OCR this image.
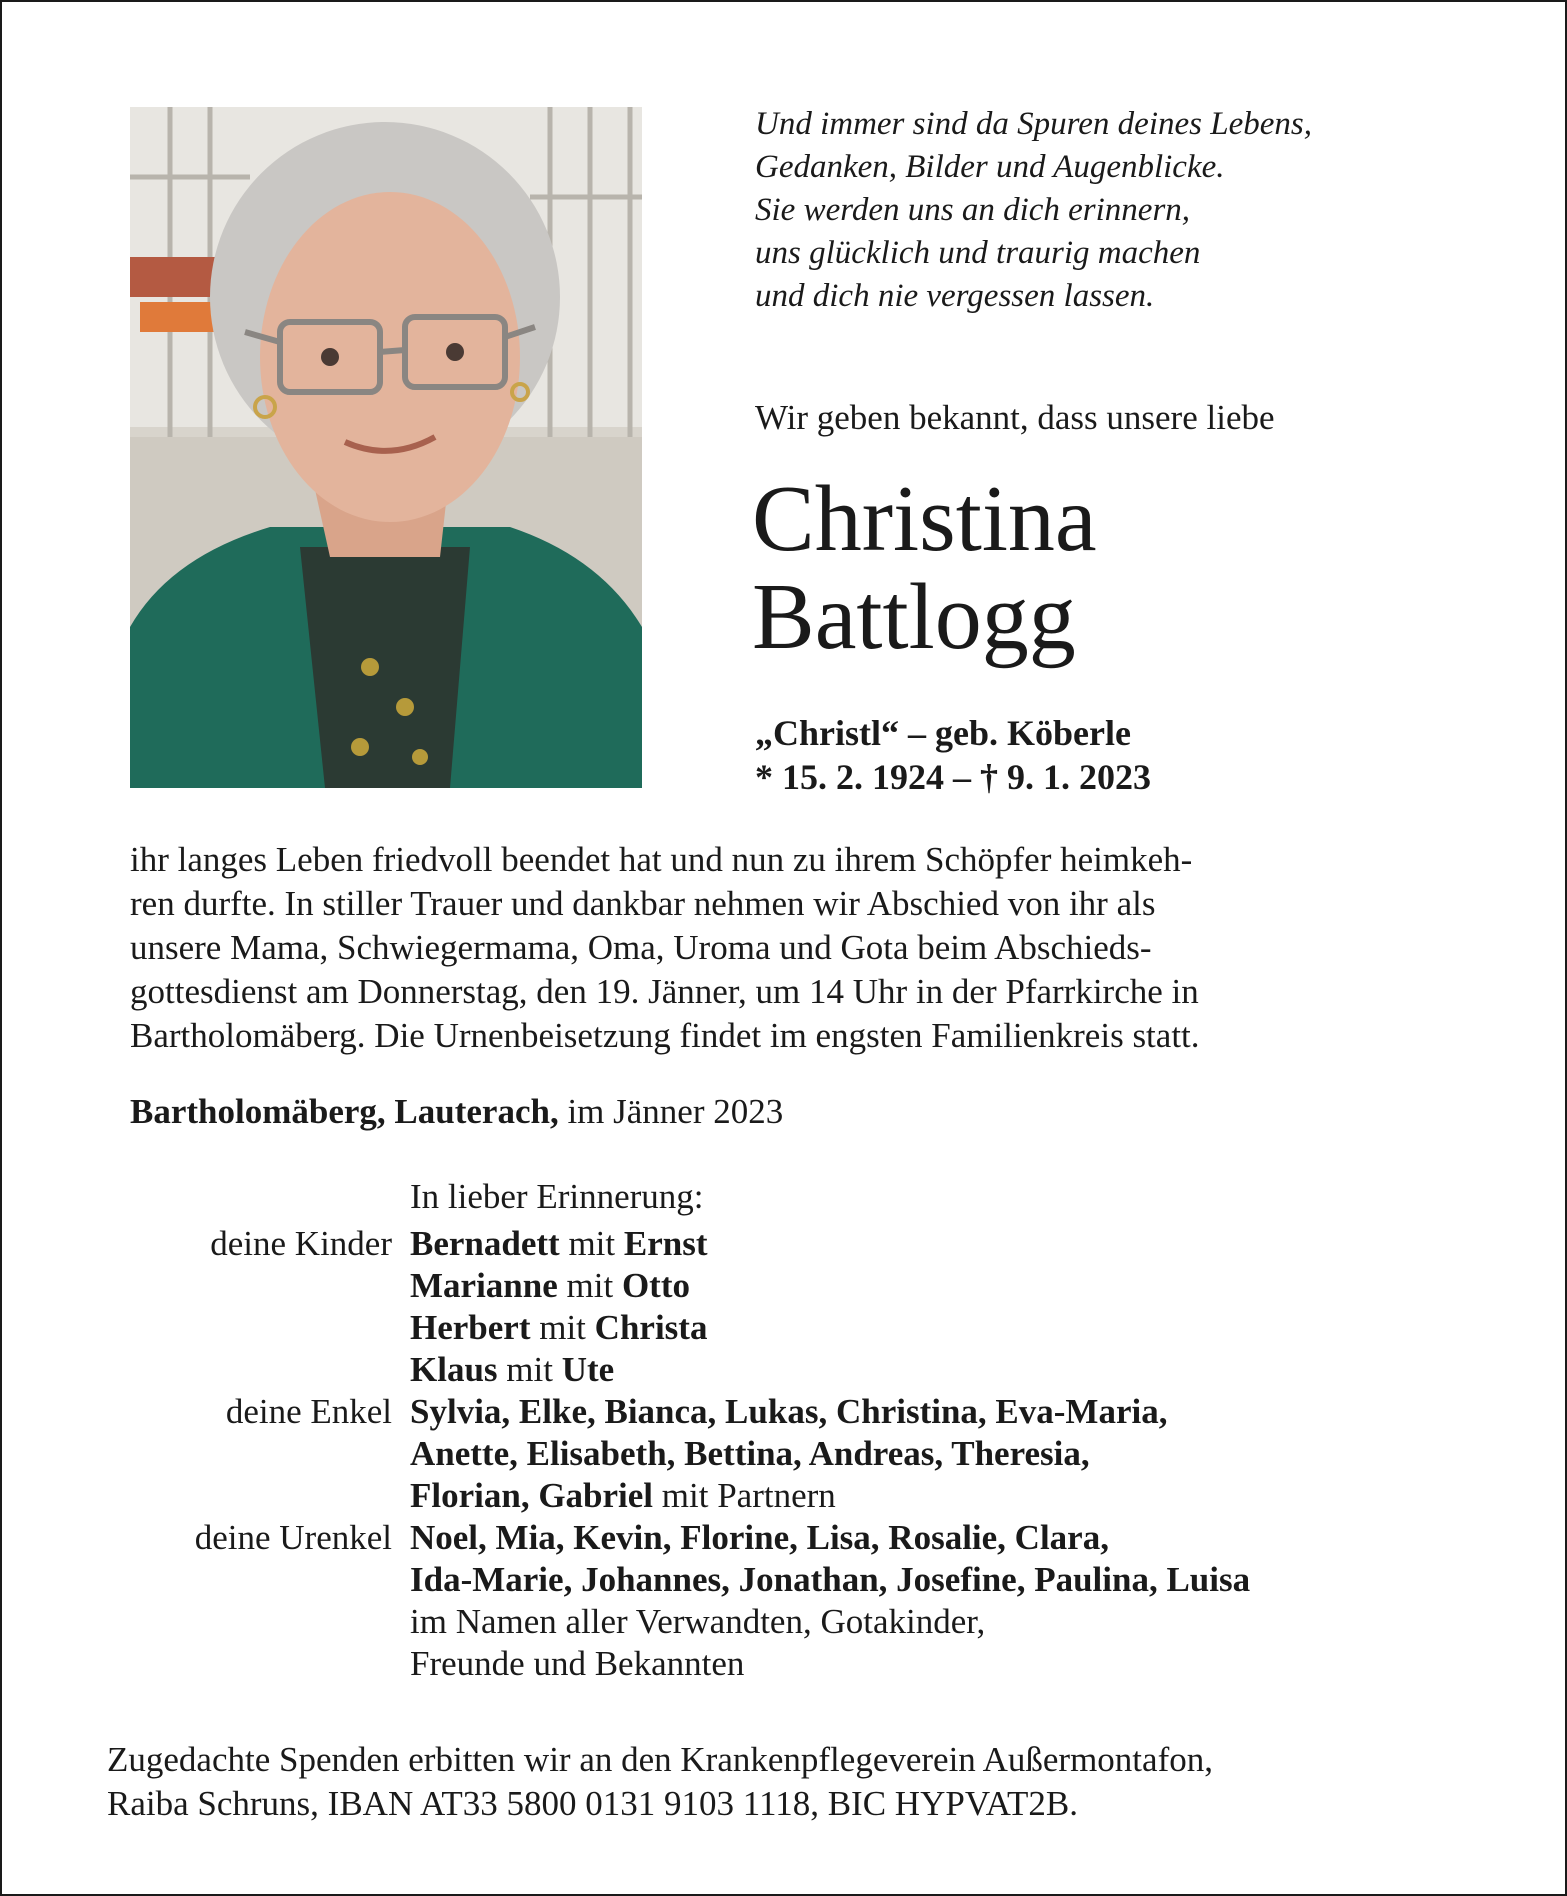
Und immer sind da Spuren deines Lebens,
Gedanken, Bilder und Augenblicke.
Sie werden uns an dich erinnern,
uns glücklich und traurig machen
und dich nie vergessen lassen.
Wir geben bekannt, dass unsere liebe
Christina
Battlogg
„Christl“ – geb. Köberle
* 15. 2. 1924 – † 9. 1. 2023
ihr langes Leben friedvoll beendet hat und nun zu ihrem Schöpfer heimkeh-
ren durfte. In stiller Trauer und dankbar nehmen wir Abschied von ihr als
unsere Mama, Schwiegermama, Oma, Uroma und Gota beim Abschieds-
gottesdienst am Donnerstag, den 19. Jänner, um 14 Uhr in der Pfarrkirche in
Bartholomäberg. Die Urnenbeisetzung findet im engsten Familienkreis statt.
Bartholomäberg, Lauterach, im Jänner 2023
In lieber Erinnerung:
deine Kinder Bernadett mit Ernst
Marianne mit Otto
Herbert mit Christa
Klaus mit Ute
deine Enkel Sylvia, Elke, Bianca, Lukas, Christina, Eva-Maria,
Anette, Elisabeth, Bettina, Andreas, Theresia,
Florian, Gabriel mit Partnern
deine Urenkel Noel, Mia, Kevin, Florine, Lisa, Rosalie, Clara,
Ida-Marie, Johannes, Jonathan, Josefine, Paulina, Luisa
im Namen aller Verwandten, Gotakinder,
Freunde und Bekannten
Zugedachte Spenden erbitten wir an den Krankenpflegeverein Außermontafon,
Raiba Schruns, IBAN AT33 5800 0131 9103 1118, BIC HYPVAT2B.
